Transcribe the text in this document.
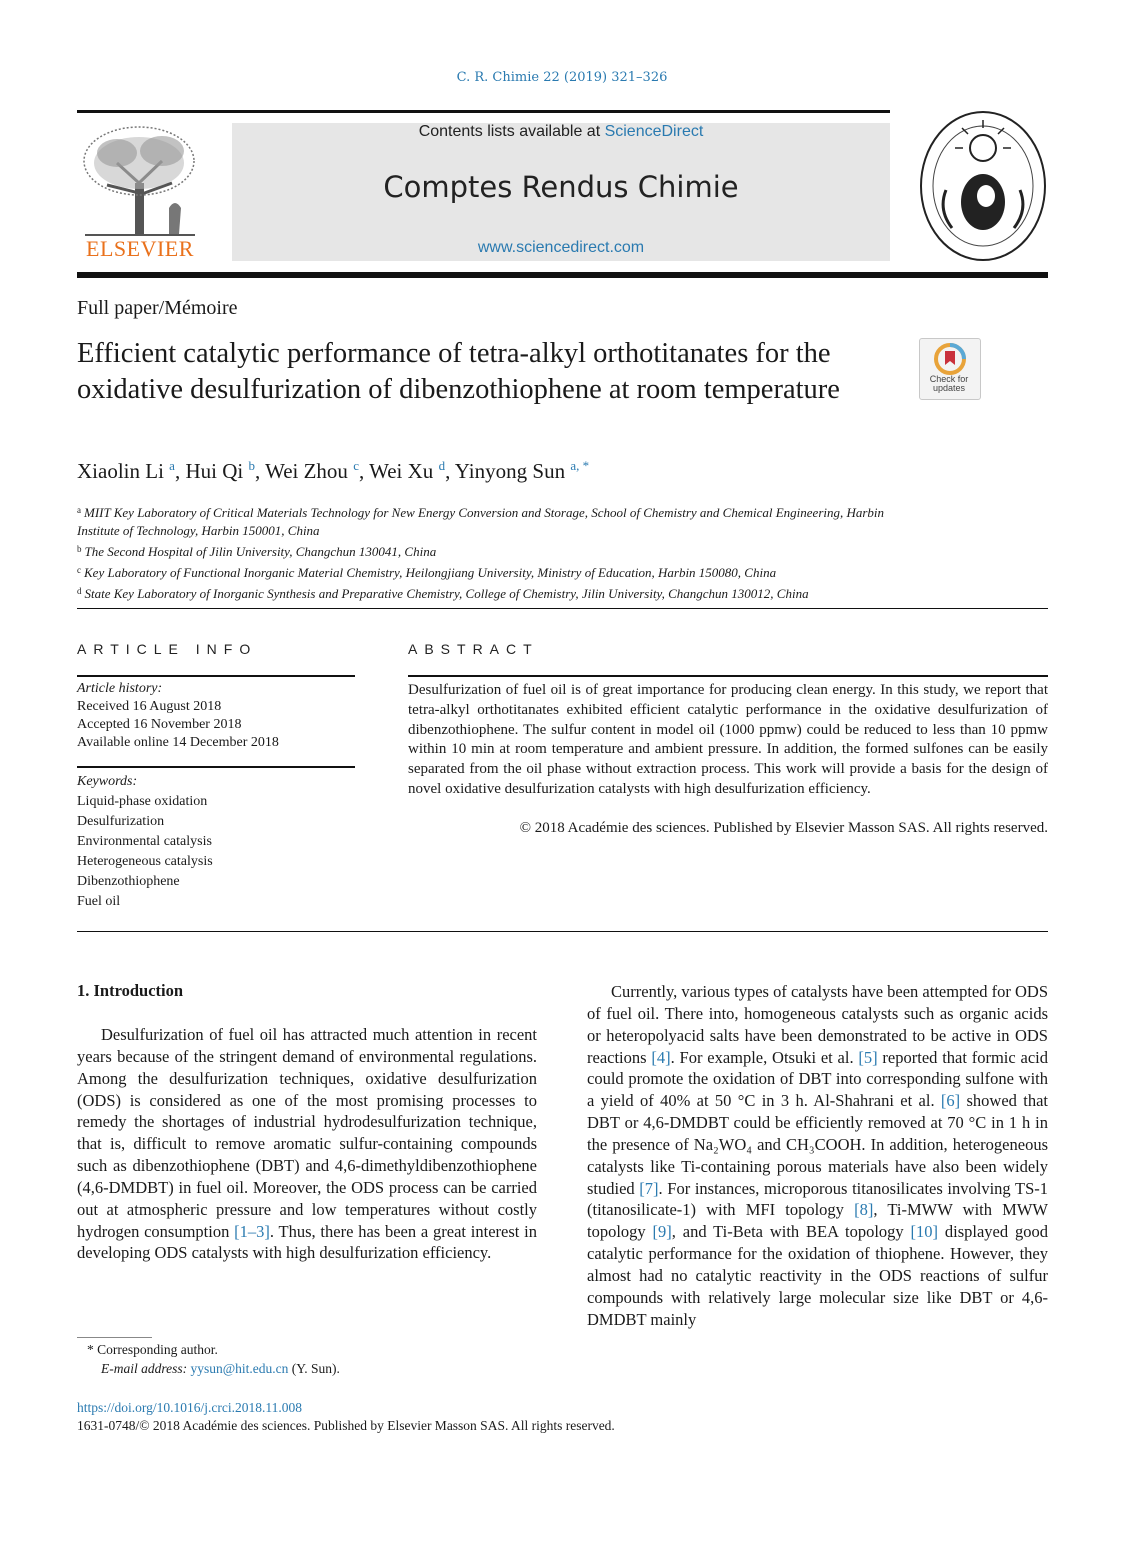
C. R. Chimie 22 (2019) 321–326
ELSEVIER
Contents lists available at ScienceDirect
Comptes Rendus Chimie
www.sciencedirect.com
Full paper/Mémoire
Efficient catalytic performance of tetra-alkyl orthotitanates for the oxidative desulfurization of dibenzothiophene at room temperature	Check for updates
Xiaolin Li $^a$, Hui Qi $^b$, Wei Zhou $^c$, Wei Xu $^d$, Yinyong Sun $^{a, *}$

$^a$ MIIT Key Laboratory of Critical Materials Technology for New Energy Conversion and Storage, School of Chemistry and Chemical Engineering, Harbin Institute of Technology, Harbin 150001, China

$^b$ The Second Hospital of Jilin University, Changchun 130041, China

$^c$ Key Laboratory of Functional Inorganic Material Chemistry, Heilongjiang University, Ministry of Education, Harbin 150080, China

$^d$ State Key Laboratory of Inorganic Synthesis and Preparative Chemistry, College of Chemistry, Jilin University, Changchun 130012, China

ARTICLE INFO
Article history:
Received 16 August 2018
Accepted 16 November 2018
Available online 14 December 2018
Keywords:
Liquid-phase oxidation
Desulfurization
Environmental catalysis
Heterogeneous catalysis
Dibenzothiophene
Fuel oil
ABSTRACT
Desulfurization of fuel oil is of great importance for producing clean energy. In this study, we report that tetra-alkyl orthotitanates exhibited efficient catalytic performance in the oxidative desulfurization of dibenzothiophene. The sulfur content in model oil (1000 ppmw) could be reduced to less than 10 ppmw within 10 min at room temperature and ambient pressure. In addition, the formed sulfones can be easily separated from the oil phase without extraction process. This work will provide a basis for the design of novel oxidative desulfurization catalysts with high desulfurization efficiency.
© 2018 Académie des sciences. Published by Elsevier Masson SAS. All rights reserved.
1. Introduction
Desulfurization of fuel oil has attracted much attention in recent years because of the stringent demand of environmental regulations. Among the desulfurization techniques, oxidative desulfurization (ODS) is considered as one of the most promising processes to remedy the shortages of industrial hydrodesulfurization technique, that is, difficult to remove aromatic sulfur-containing compounds such as dibenzothiophene (DBT) and 4,6-dimethyldibenzothiophene (4,6-DMDBT) in fuel oil. Moreover, the ODS process can be carried out at atmospheric pressure and low temperatures without costly hydrogen consumption [1–3]. Thus, there has been a great interest in developing ODS catalysts with high desulfurization efficiency.
Currently, various types of catalysts have been attempted for ODS of fuel oil. There into, homogeneous catalysts such as organic acids or heteropolyacid salts have been demonstrated to be active in ODS reactions [4]. For example, Otsuki et al. [5] reported that formic acid could promote the oxidation of DBT into corresponding sulfone with a yield of 40% at 50 °C in 3 h. Al-Shahrani et al. [6] showed that DBT or 4,6-DMDBT could be efficiently removed at 70 °C in 1 h in the presence of Na₂WO₄ and CH₃COOH. In addition, heterogeneous catalysts like Ti-containing porous materials have also been widely studied [7]. For instances, microporous titanosilicates involving TS-1 (titanosilicate-1) with MFI topology [8], Ti-MWW with MWW topology [9], and Ti-Beta with BEA topology [10] displayed good catalytic performance for the oxidation of thiophene. However, they almost had no catalytic reactivity in the ODS reactions of sulfur compounds with relatively large molecular size like DBT or 4,6-DMDBT mainly
* Corresponding author.
E-mail address: yysun@hit.edu.cn (Y. Sun).
https://doi.org/10.1016/j.crci.2018.11.008
1631-0748/© 2018 Académie des sciences. Published by Elsevier Masson SAS. All rights reserved.
